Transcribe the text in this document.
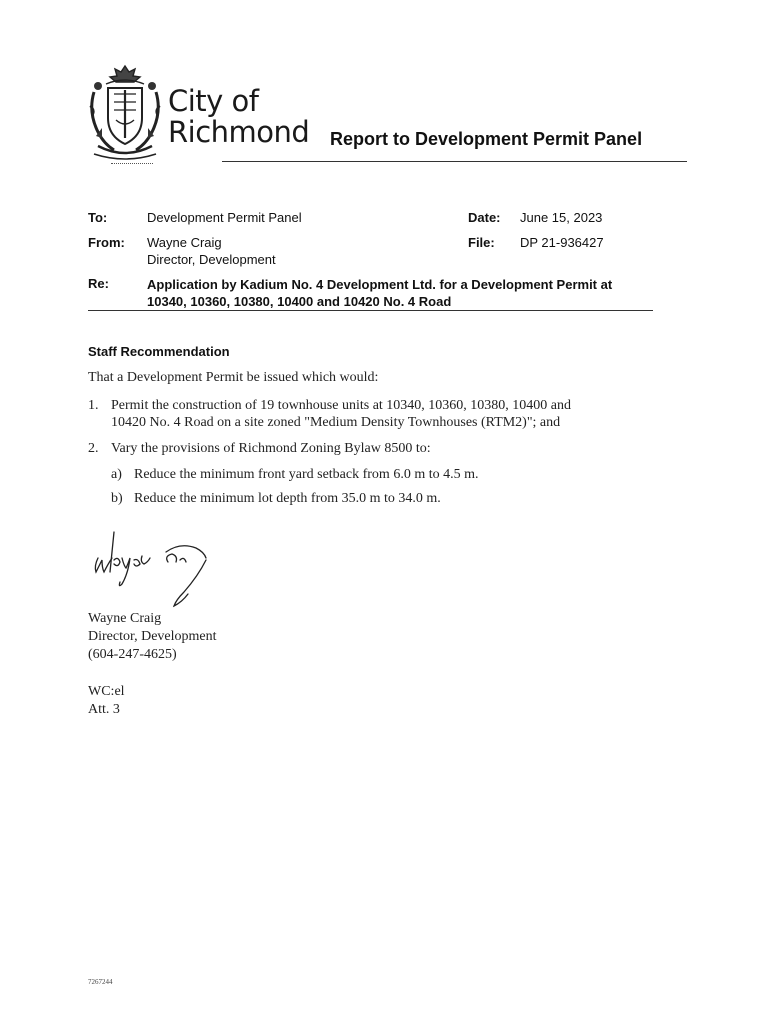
City of
Richmond Report to Development Permit Panel
To:	Development Permit Panel	Date: June 15, 2023
From: Wayne Craig
Director, Development
File: DP 21-936427
Re:	Application by Kadium No. 4 Development Ltd. for a Development Permit at
10340, 10360, 10380, 10400 and 10420 No. 4 Road
Staff Recommendation
That a Development Permit be issued which would:
1. Permit the construction of 19 townhouse units at 10340, 10360, 10380, 10400 and
10420 No. 4 Road on a site zoned "Medium Density Townhouses (RTM2)"; and
2. Vary the provisions of Richmond Zoning Bylaw 8500 to:
a) Reduce the minimum front yard setback from 6.0 m to 4.5 m.
b) Reduce the minimum lot depth from 35.0 m to 34.0 m.
Wayne Craig
Director, Development
(604-247-4625)
WC:el
Att. 3
7267244
